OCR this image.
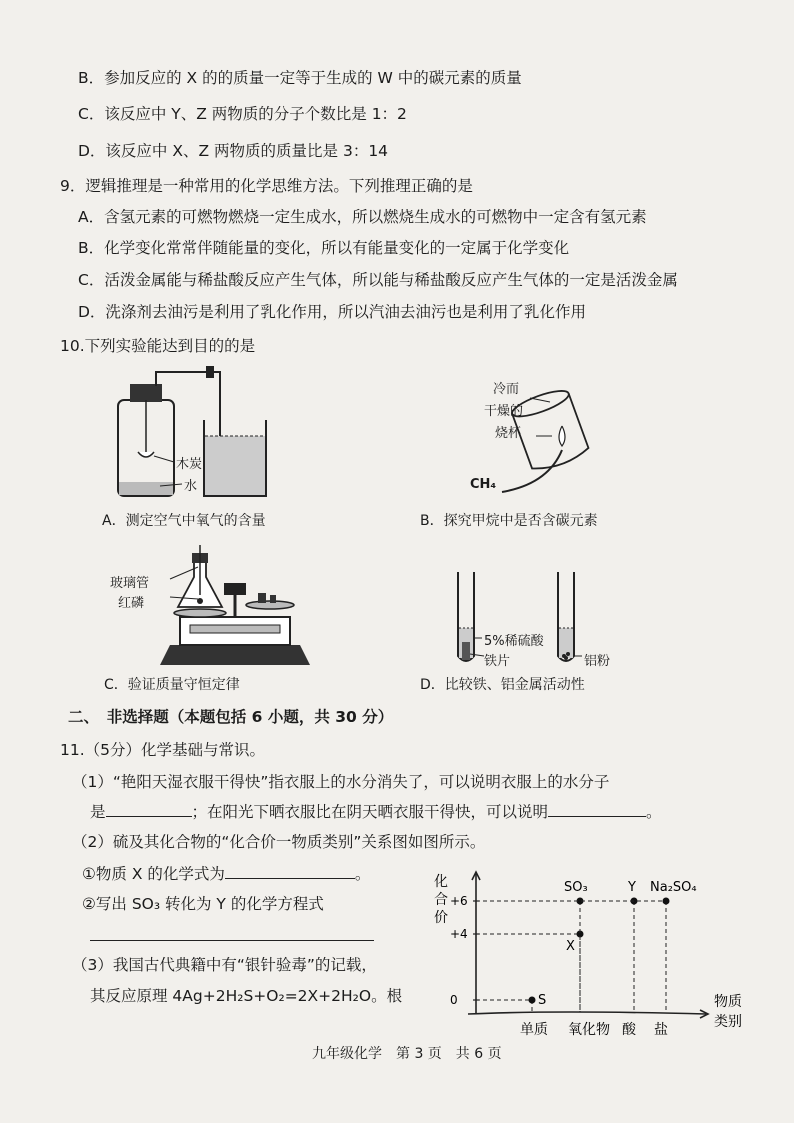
B．参加反应的 X 的的质量一定等于生成的 W 中的碳元素的质量
C．该反应中 Y、Z 两物质的分子个数比是 1：2
D．该反应中 X、Z 两物质的质量比是 3：14
9．逻辑推理是一种常用的化学思维方法。下列推理正确的是
A．含氢元素的可燃物燃烧一定生成水，所以燃烧生成水的可燃物中一定含有氢元素
B．化学变化常常伴随能量的变化，所以有能量变化的一定属于化学变化
C．活泼金属能与稀盐酸反应产生气体，所以能与稀盐酸反应产生气体的一定是活泼金属
D．洗涤剂去油污是利用了乳化作用，所以汽油去油污也是利用了乳化作用
10.下列实验能达到目的的是
木炭
水
A．测定空气中氧气的含量
冷而
干燥的
烧杯
CH₄
B．探究甲烷中是否含碳元素
玻璃管
红磷
C．验证质量守恒定律
5%稀硫酸
铁片	铝粉
D．比较铁、铝金属活动性
二、　非选择题（本题包括 6 小题，共 30 分）
11.（5分）化学基础与常识。
（1）“艳阳天湿衣服干得快”指衣服上的水分消失了，可以说明衣服上的水分子
是	；在阳光下晒衣服比在阴天晒衣服干得快，可以说明	。
（2）硫及其化合物的“化合价一物质类别”关系图如图所示。
①物质 X 的化学式为	。
②写出 SO₃ 转化为 Y 的化学方程式
（3）我国古代典籍中有“银针验毒”的记载，
其反应原理 4Ag+2H₂S+O₂=2X+2H₂O。根
化
合
价
物质
类别
0
+4
+6
单质 氧化物 酸 盐
S
X
SO₃	Y Na₂SO₄
九年级化学　第 3 页　共 6 页
